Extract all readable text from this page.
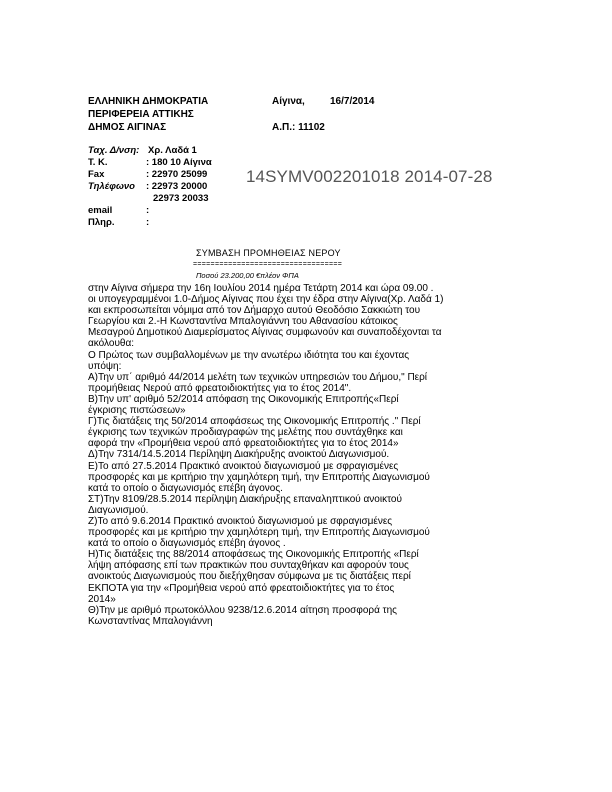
ΕΛΛΗΝΙΚΗ ΔΗΜΟΚΡΑΤΙΑ
ΠΕΡΙΦΕΡΕΙΑ ΑΤΤΙΚΗΣ
ΔΗΜΟΣ ΑΙΓΙΝΑΣ
Αίγινα,	16/7/2014
Α.Π.: 11102
Ταχ. Δ/νση: Χρ. Λαδά 1
Τ. Κ.	: 180 10 Αίγινα
Fax	: 22970 25099
Τηλέφωνο : 22973 20000
22973 20033
email	:
Πληρ.	:
14SYMV002201018 2014-07-28
ΣΥΜΒΑΣΗ ΠΡΟΜΗΘΕΙΑΣ ΝΕΡΟΥ
==================================
Ποσού 23.200,00 €πλέον ΦΠΑ
στην Αίγινα σήμερα την 16η Ιουλίου 2014 ημέρα Τετάρτη 2014 και ώρα 09.00 .
οι υπογεγραμμένοι 1.0-Δήμος Αίγινας που έχει την έδρα στην Αίγινα(Χρ. Λαδά 1)
και εκπροσωπείται νόμιμα από τον Δήμαρχο αυτού Θεοδόσιο Σακκιώτη του
Γεωργίου και 2.-Η Κωνσταντίνα Μπαλογιάννη του Αθανασίου κάτοικος
Μεσαγρού Δημοτικού Διαμερίσματος Αίγινας συμφωνούν και συναποδέχονται τα
ακόλουθα:
Ο Πρώτος των συμβαλλομένων με την ανωτέρω ιδιότητα του και έχοντας
υπόψη:
Α)Την υπ΄ αριθμό 44/2014 μελέτη των τεχνικών υπηρεσιών του Δήμου," Περί
προμήθειας Νερού από φρεατοιδιοκτήτες για το έτος 2014".
Β)Την υπ' αριθμό 52/2014 απόφαση της Οικονομικής Επιτροπής«Περί
έγκρισης πιστώσεων»
Γ)Τις διατάξεις της 50/2014 αποφάσεως της Οικονομικής Επιτροπής ." Περί
έγκρισης των τεχνικών προδιαγραφών της μελέτης που συντάχθηκε και
αφορά την «Προμήθεια νερού από φρεατοιδιοκτήτες για το έτος 2014»
Δ)Την 7314/14.5.2014 Περίληψη Διακήρυξης ανοικτού Διαγωνισμού.
Ε)Το από 27.5.2014 Πρακτικό ανοικτού διαγωνισμού με σφραγισμένες
προσφορές και με κριτήριο την χαμηλότερη τιμή, την Επιτροπής Διαγωνισμού
κατά το οποίο ο διαγωνισμός επέβη άγονος.
ΣΤ)Την 8109/28.5.2014 περίληψη Διακήρυξης επαναληπτικού ανοικτού
Διαγωνισμού.
Ζ)Το από 9.6.2014 Πρακτικό ανοικτού διαγωνισμού με σφραγισμένες
προσφορές και με κριτήριο την χαμηλότερη τιμή, την Επιτροπής Διαγωνισμού
κατά το οποίο ο διαγωνισμός επέβη άγονος .
Η)Τις διατάξεις της 88/2014 αποφάσεως της Οικονομικής Επιτροπής «Περί
λήψη απόφασης επί των πρακτικών που συνταχθήκαν και αφορούν τους
ανοικτούς Διαγωνισμούς που διεξήχθησαν σύμφωνα με τις διατάξεις περί
ΕΚΠΟΤΑ για την «Προμήθεια νερού από φρεατοιδιοκτήτες για το έτος
2014»
Θ)Την με αριθμό πρωτοκόλλου 9238/12.6.2014 αίτηση προσφορά της
Κωνσταντίνας Μπαλογιάννη
